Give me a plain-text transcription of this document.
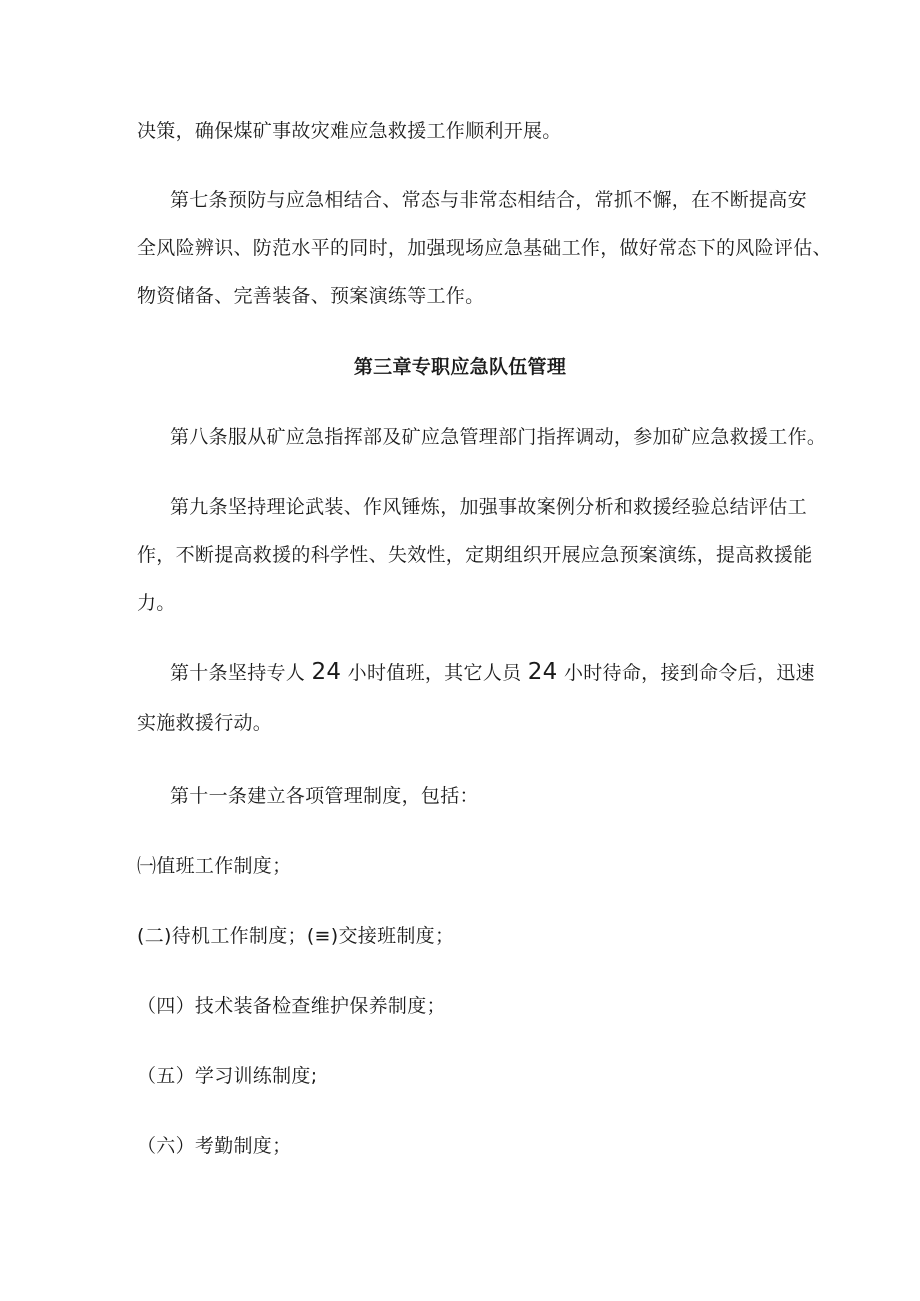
决策，确保煤矿事故灾难应急救援工作顺利开展。
第七条预防与应急相结合、常态与非常态相结合，常抓不懈，在不断提高安
全风险辨识、防范水平的同时，加强现场应急基础工作，做好常态下的风险评估、
物资储备、完善装备、预案演练等工作。
第三章专职应急队伍管理
第八条服从矿应急指挥部及矿应急管理部门指挥调动，参加矿应急救援工作。
第九条坚持理论武装、作风锤炼，加强事故案例分析和救援经验总结评估工
作，不断提高救援的科学性、失效性，定期组织开展应急预案演练，提高救援能
力。
第十条坚持专人 24 小时值班，其它人员 24 小时待命，接到命令后，迅速
实施救援行动。
第十一条建立各项管理制度，包括：
㈠值班工作制度；
(二)待机工作制度；(≡)交接班制度；
（四）技术装备检查维护保养制度；
（五）学习训练制度;
（六）考勤制度；
